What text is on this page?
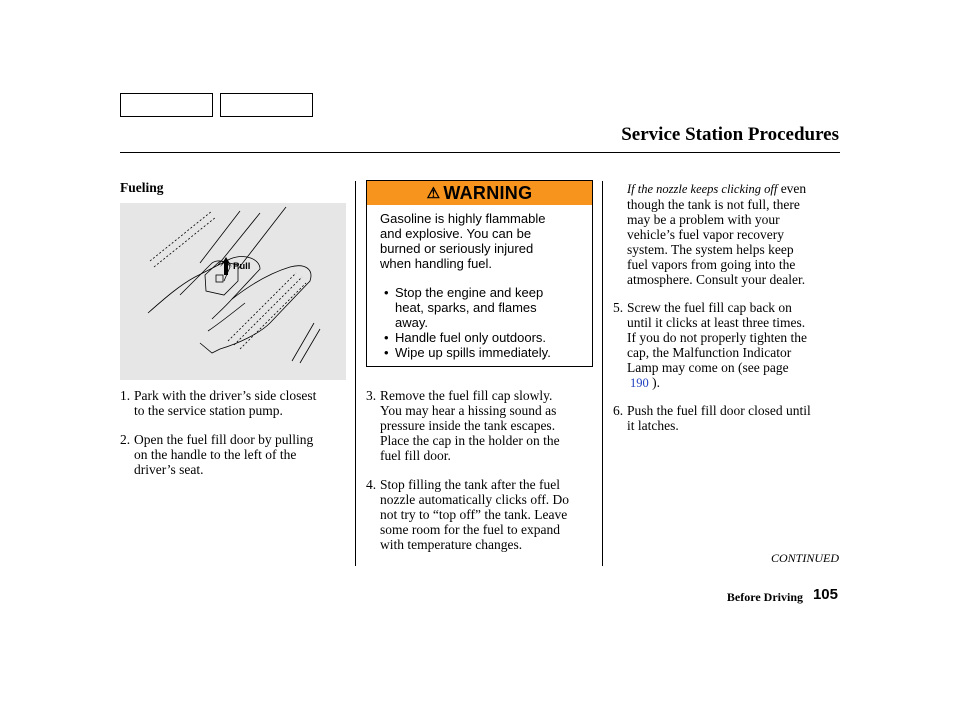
Service Station Procedures
Fueling
Pull
1. Park with the driver’s side closest
to the service station pump.
2. Open the fuel fill door by pulling
on the handle to the left of the
driver’s seat.
⚠ WARNING
Gasoline is highly flammable
and explosive. You can be
burned or seriously injured
when handling fuel.
• Stop the engine and keep
heat, sparks, and flames
away.
• Handle fuel only outdoors.
• Wipe up spills immediately.
3. Remove the fuel fill cap slowly.
You may hear a hissing sound as
pressure inside the tank escapes.
Place the cap in the holder on the
fuel fill door.
4. Stop filling the tank after the fuel
nozzle automatically clicks off. Do
not try to “top off” the tank. Leave
some room for the fuel to expand
with temperature changes.
If the nozzle keeps clicking off even
though the tank is not full, there
may be a problem with your
vehicle’s fuel vapor recovery
system. The system helps keep
fuel vapors from going into the
atmosphere. Consult your dealer.
5. Screw the fuel fill cap back on
until it clicks at least three times.
If you do not properly tighten the
cap, the Malfunction Indicator
Lamp may come on (see page
190 ).
6. Push the fuel fill door closed until
it latches.
CONTINUED
Before Driving 105
